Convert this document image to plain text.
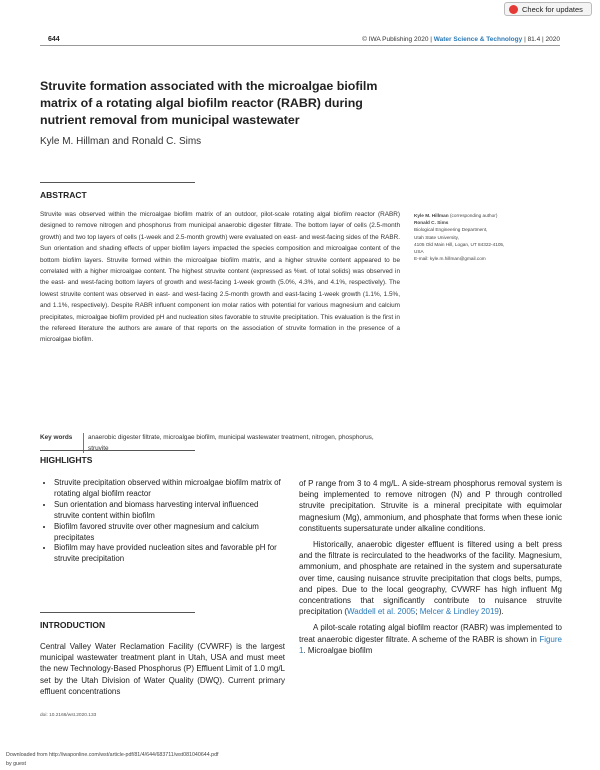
Check for updates
644	© IWA Publishing 2020 | Water Science & Technology | 81.4 | 2020
Struvite formation associated with the microalgae biofilm matrix of a rotating algal biofilm reactor (RABR) during nutrient removal from municipal wastewater
Kyle M. Hillman and Ronald C. Sims
ABSTRACT

Struvite was observed within the microalgae biofilm matrix of an outdoor, pilot-scale rotating algal biofilm reactor (RABR) designed to remove nitrogen and phosphorus from municipal anaerobic digester filtrate. The bottom layer of cells (2.5-month growth) and two top layers of cells (1-week and 2.5-month growth) were evaluated on east- and west-facing sides of the RABR. Sun orientation and shading effects of upper biofilm layers impacted the species composition and microalgae content of the bottom biofilm layers. Struvite formed within the microalgae biofilm matrix, and a higher struvite content appeared to be correlated with a higher microalgae content. The highest struvite content (expressed as %wt. of total solids) was observed in the east- and west-facing bottom layers of growth and west-facing 1-week growth (5.0%, 4.3%, and 4.1%, respectively). The lowest struvite content was observed in east- and west-facing 2.5-month growth and east-facing 1-week growth (1.1%, 1.5%, and 1.1%, respectively). Despite RABR influent component ion molar ratios with potential for various magnesium and calcium precipitates, microalgae biofilm provided pH and nucleation sites favorable to struvite precipitation. This evaluation is the first in the refereed literature the authors are aware of that reports on the association of struvite formation in the presence of a microalgae biofilm.

Key words	anaerobic digester filtrate, microalgae biofilm, municipal wastewater treatment, nitrogen, phosphorus, struvite
Kyle M. Hillman (corresponding author)
Ronald C. Sims
Biological Engineering Department,
Utah State University,
4105 Old Main Hill, Logan, UT 84322-4105,
USA
E-mail: kyle.m.hillman@gmail.com
HIGHLIGHTS
• Struvite precipitation observed within microalgae biofilm matrix of rotating algal biofilm reactor
• Sun orientation and biomass harvesting interval influenced struvite content within biofilm
• Biofilm favored struvite over other magnesium and calcium precipitates
• Biofilm may have provided nucleation sites and favorable pH for struvite precipitation
INTRODUCTION
Central Valley Water Reclamation Facility (CVWRF) is the largest municipal wastewater treatment plant in Utah, USA and must meet the new Technology-Based Phosphorus (P) Effluent Limit of 1.0 mg/L set by the Utah Division of Water Quality (DWQ). Current primary effluent concentrations
doi: 10.2166/wst.2020.133

of P range from 3 to 4 mg/L. A side-stream phosphorus removal system is being implemented to remove nitrogen (N) and P through controlled struvite precipitation. Struvite is a mineral precipitate with equimolar magnesium (Mg), ammonium, and phosphate that forms when these ionic constituents supersaturate under alkaline conditions.

Historically, anaerobic digester effluent is filtered using a belt press and the filtrate is recirculated to the headworks of the facility. Magnesium, ammonium, and phosphate are retained in the system and supersaturate over time, causing nuisance struvite precipitation that clogs belts, pumps, and pipes. Due to the local geography, CVWRF has high influent Mg concentrations that significantly contribute to nuisance struvite precipitation (Waddell et al. 2005; Melcer & Lindley 2019).

A pilot-scale rotating algal biofilm reactor (RABR) was implemented to treat anaerobic digester filtrate. A scheme of the RABR is shown in Figure 1. Microalgae biofilm

Downloaded from http://iwaponline.com/wst/article-pdf/81/4/644/683711/wst081040644.pdf
by guest
